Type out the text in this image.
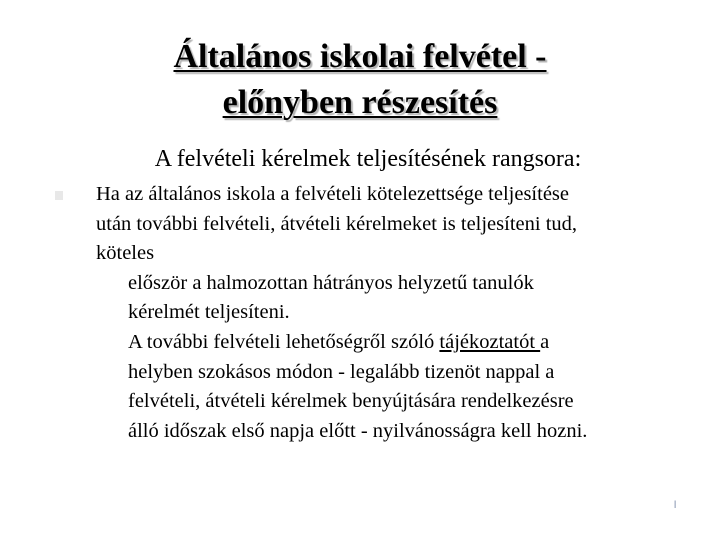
Általános iskolai felvétel -
előnyben részesítés
A felvételi kérelmek teljesítésének rangsora:
Ha az általános iskola a felvételi kötelezettsége teljesítése
után további felvételi, átvételi kérelmeket is teljesíteni tud,
köteles
először a halmozottan hátrányos helyzetű tanulók
kérelmét teljesíteni.
A további felvételi lehetőségről szóló tájékoztatót a
helyben szokásos módon - legalább tizenöt nappal a
felvételi, átvételi kérelmek benyújtására rendelkezésre
álló időszak első napja előtt - nyilvánosságra kell hozni.
l
